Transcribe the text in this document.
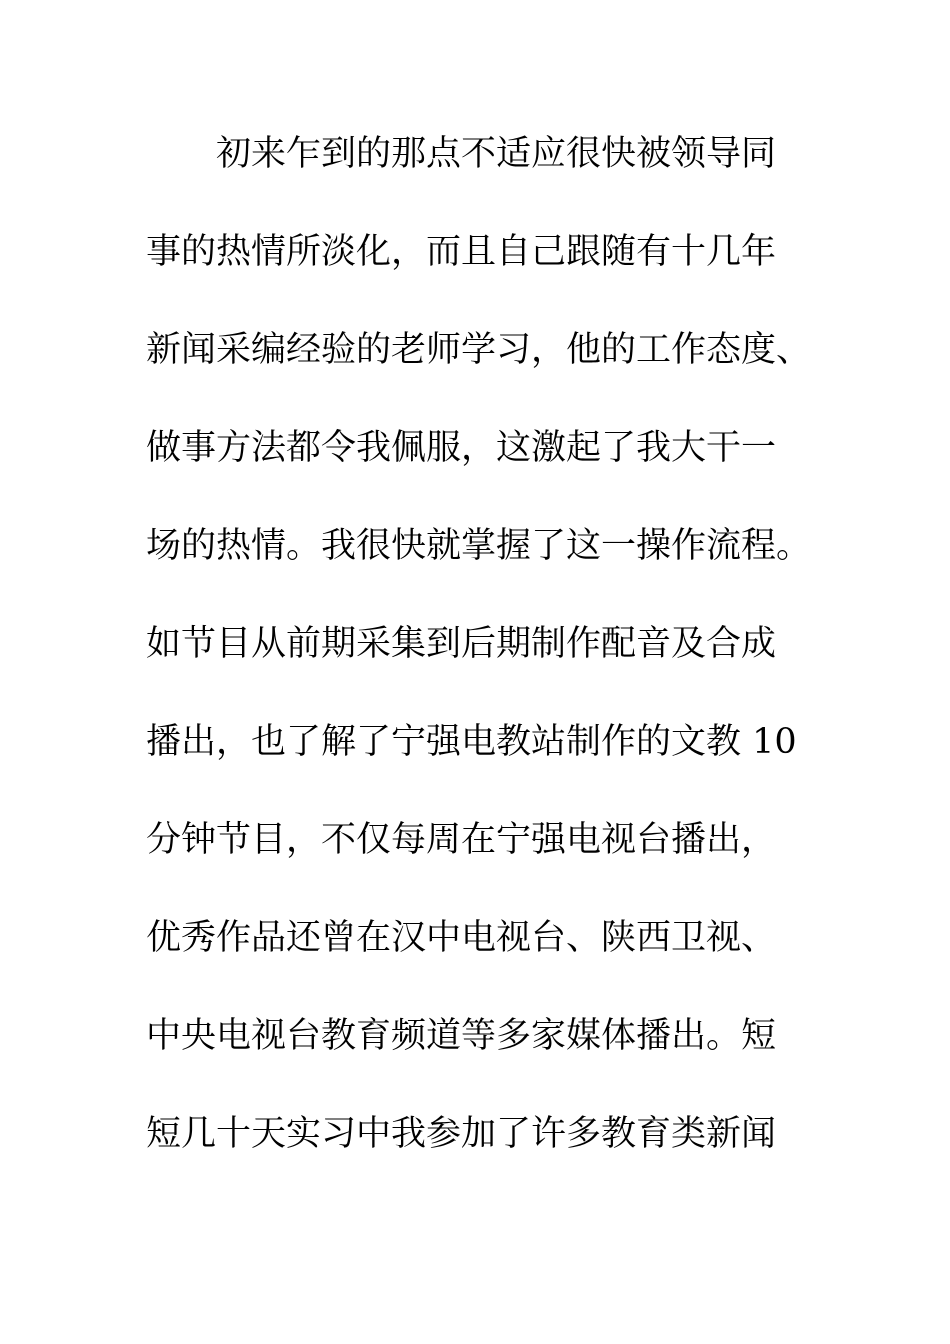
初来乍到的那点不适应很快被领导同
事的热情所淡化，而且自己跟随有十几年
新闻采编经验的老师学习，他的工作态度、
做事方法都令我佩服，这激起了我大干一
场的热情。我很快就掌握了这一操作流程。
如节目从前期采集到后期制作配音及合成
播出，也了解了宁强电教站制作的文教 10
分钟节目，不仅每周在宁强电视台播出，
优秀作品还曾在汉中电视台、陕西卫视、
中央电视台教育频道等多家媒体播出。短
短几十天实习中我参加了许多教育类新闻
